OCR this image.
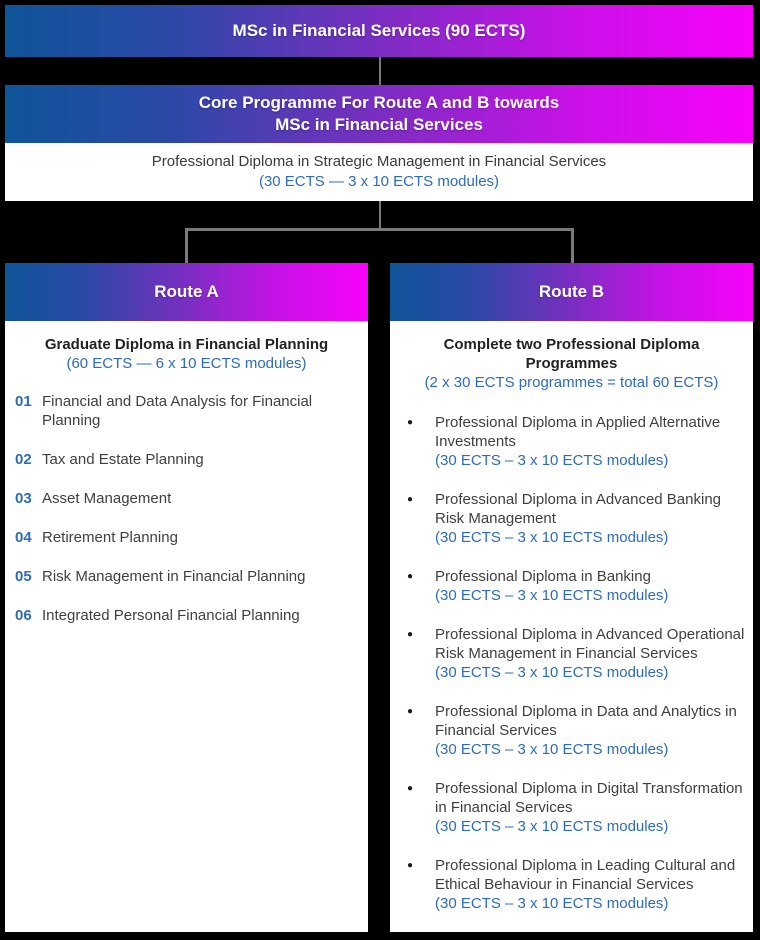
MSc in Financial Services (90 ECTS)
Core Programme For Route A and B towards
MSc in Financial Services
Professional Diploma in Strategic Management in Financial Services
(30 ECTS — 3 x 10 ECTS modules)
Route A
Graduate Diploma in Financial Planning
(60 ECTS — 6 x 10 ECTS modules)
01 Financial and Data Analysis for Financial Planning
02 Tax and Estate Planning
03 Asset Management
04 Retirement Planning
05 Risk Management in Financial Planning
06 Integrated Personal Financial Planning
Route B
Complete two Professional Diploma Programmes
(2 x 30 ECTS programmes = total 60 ECTS)
●	Professional Diploma in Applied Alternative Investments
(30 ECTS – 3 x 10 ECTS modules)
●	Professional Diploma in Advanced Banking Risk Management
(30 ECTS – 3 x 10 ECTS modules)
●	Professional Diploma in Banking
(30 ECTS – 3 x 10 ECTS modules)
●	Professional Diploma in Advanced Operational Risk Management in Financial Services
(30 ECTS – 3 x 10 ECTS modules)
●	Professional Diploma in Data and Analytics in Financial Services
(30 ECTS – 3 x 10 ECTS modules)
●	Professional Diploma in Digital Transformation in Financial Services
(30 ECTS – 3 x 10 ECTS modules)
●	Professional Diploma in Leading Cultural and Ethical Behaviour in Financial Services
(30 ECTS – 3 x 10 ECTS modules)
